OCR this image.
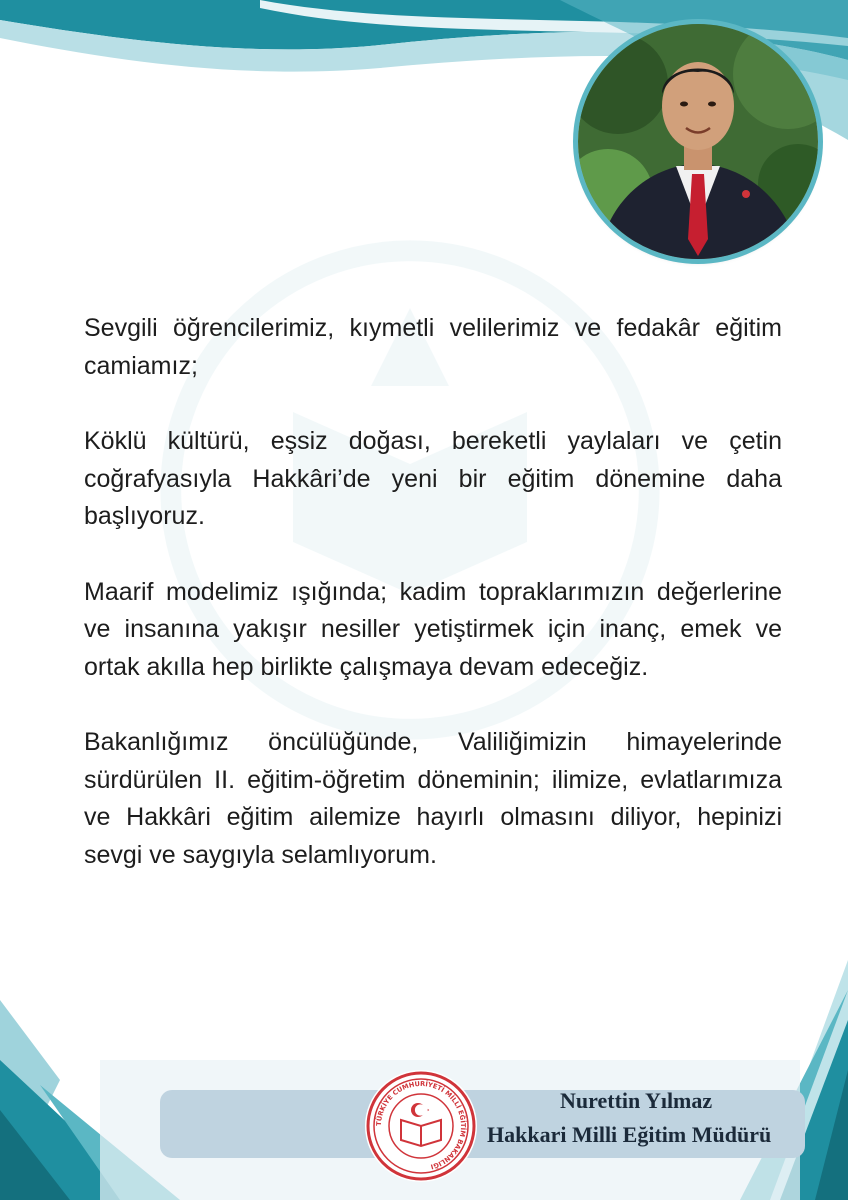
Sevgili öğrencilerimiz, kıymetli velilerimiz ve fedakâr eğitim camiamız;

Köklü kültürü, eşsiz doğası, bereketli yaylaları ve çetin coğrafyasıyla Hakkâri’de yeni bir eğitim dönemine daha başlıyoruz.

Maarif modelimiz ışığında; kadim topraklarımızın değerlerine ve insanına yakışır nesiller yetiştirmek için inanç, emek ve ortak akılla hep birlikte çalışmaya devam edeceğiz.

Bakanlığımız öncülüğünde, Valiliğimizin himayelerinde sürdürülen II. eğitim-öğretim döneminin; ilimize, evlatlarımıza ve Hakkâri eğitim ailemize hayırlı olmasını diliyor, hepinizi sevgi ve saygıyla selamlıyorum.

TÜRKİYE CUMHURİYETİ MİLLİ EĞİTİM BAKANLIĞI
Nurettin Yılmaz
Hakkari Milli Eğitim Müdürü
